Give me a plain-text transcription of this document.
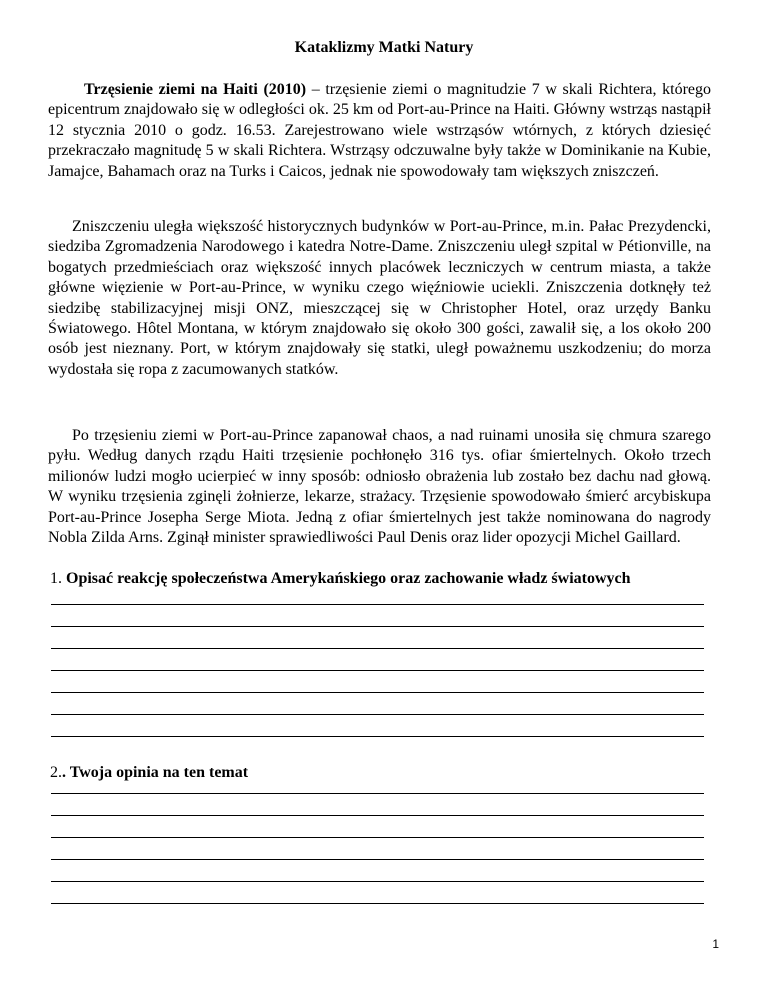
Kataklizmy Matki Natury

Trzęsienie ziemi na Haiti (2010) – trzęsienie ziemi o magnitudzie 7 w skali Richtera, którego epicentrum znajdowało się w odległości ok. 25 km od Port-au-Prince na Haiti. Główny wstrząs nastąpił 12 stycznia 2010 o godz. 16.53. Zarejestrowano wiele wstrząsów wtórnych, z których dziesięć przekraczało magnitudę 5 w skali Richtera. Wstrząsy odczuwalne były także w Dominikanie na Kubie, Jamajce, Bahamach oraz na Turks i Caicos, jednak nie spowodowały tam większych zniszczeń.

Zniszczeniu uległa większość historycznych budynków w Port-au-Prince, m.in. Pałac Prezydencki, siedziba Zgromadzenia Narodowego i katedra Notre-Dame. Zniszczeniu uległ szpital w Pétionville, na bogatych przedmieściach oraz większość innych placówek leczniczych w centrum miasta, a także główne więzienie w Port-au-Prince, w wyniku czego więźniowie uciekli. Zniszczenia dotknęły też siedzibę stabilizacyjnej misji ONZ, mieszczącej się w Christopher Hotel, oraz urzędy Banku Światowego. Hôtel Montana, w którym znajdowało się około 300 gości, zawalił się, a los około 200 osób jest nieznany. Port, w którym znajdowały się statki, uległ poważnemu uszkodzeniu; do morza wydostała się ropa z zacumowanych statków.

Po trzęsieniu ziemi w Port-au-Prince zapanował chaos, a nad ruinami unosiła się chmura szarego pyłu. Według danych rządu Haiti trzęsienie pochłonęło 316 tys. ofiar śmiertelnych. Około trzech milionów ludzi mogło ucierpieć w inny sposób: odniosło obrażenia lub zostało bez dachu nad głową. W wyniku trzęsienia zginęli żołnierze, lekarze, strażacy. Trzęsienie spowodowało śmierć arcybiskupa Port-au-Prince Josepha Serge Miota. Jedną z ofiar śmiertelnych jest także nominowana do nagrody Nobla Zilda Arns. Zginął minister sprawiedliwości Paul Denis oraz lider opozycji Michel Gaillard.

1. Opisać reakcję społeczeństwa Amerykańskiego oraz zachowanie władz światowych
2.. Twoja opinia na ten temat
1
